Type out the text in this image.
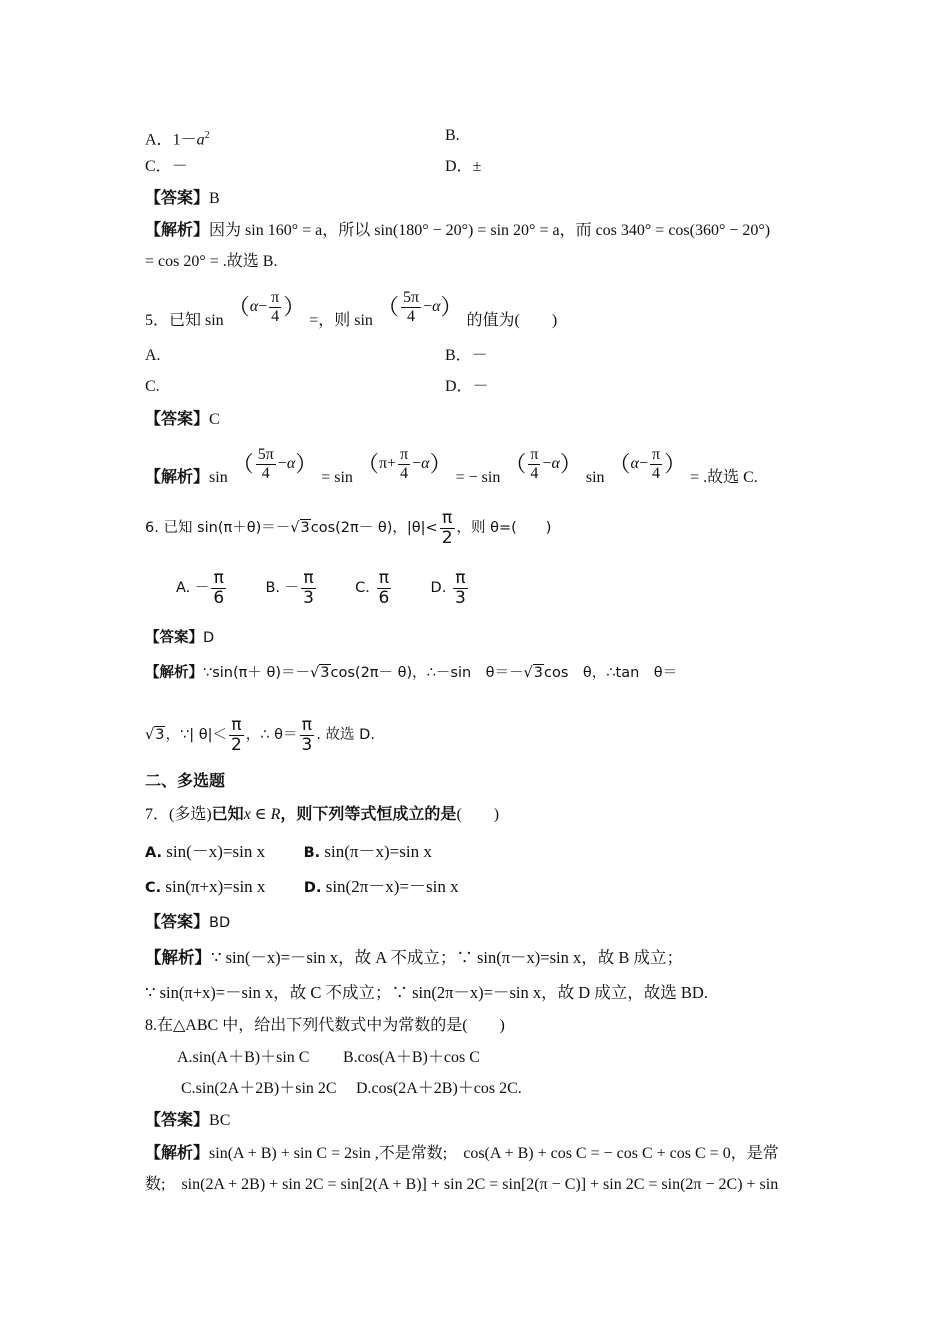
A．$1-a^2$	B.
C．－	D．±
【答案】B
【解析】因为 sin 160° = a，所以 sin(180° − 20°) = sin 20° = a，而 cos 340° = cos(360° − 20°)
= cos 20° = .故选 B.
5．已知 $\sin (\alpha- \frac{\pi}{4}$ ） =，则 sin （ $\frac{5\pi}{4} -\alpha$） 的值为(　　)
A.	B．－
C.	D．－
【答案】C
【解析】sin （ $\frac{5\pi}{4} -\alpha) = \sin (\pi+ \frac{\pi}{4} -\alpha)$ = − sin （ $\frac{\pi}{4} -\alpha$） $\sin (\alpha- \frac{\pi}{4}$ ） = .故选 C.
6. 已知 sin(π＋θ)＝－√3cos(2π－ θ)，$|\theta|< \frac{\pi}{2}$ ，则 θ=(　　)
A. － $\frac{\pi}{6}$	B. － $\frac{\pi}{3}$	C. $\frac{\pi}{6}$	D. $\frac{\pi}{3}$
【答案】D
【解析】∵sin(π＋ θ)＝－√3cos(2π－ θ)，∴－sin　θ＝－√3cos　θ，∴tan　θ＝
√3，∵| $\theta|< \frac{\pi}{2}$ ，∴ $\theta= \frac{\pi}{3}$ . 故选 D.
二、多选题
7．(多选)已知x ∈ R，则下列等式恒成立的是(　　)
A. sin(－x)=sin x	B. sin(π－x)=sin x
C. sin(π+x)=sin x	D. sin(2π－x)=－sin x
【答案】BD
【解析】∵ sin(－x)=－sin x，故 A 不成立；∵ sin(π－x)=sin x，故 B 成立；
∵ sin(π+x)=－sin x，故 C 不成立；∵ sin(2π－x)=－sin x，故 D 成立，故选 BD.
8.在△ABC 中，给出下列代数式中为常数的是(　　)
A.sin(A＋B)＋sin C B.cos(A＋B)＋cos C
C.sin(2A＋2B)＋sin 2C D.cos(2A＋2B)＋cos 2C.
【答案】BC
【解析】sin(A + B) + sin C = 2sin ,不是常数;　cos(A + B) + cos C = − cos C + cos C = 0，是常
数;　sin(2A + 2B) + sin 2C = sin[2(A + B)] + sin 2C = sin[2(π − C)] + sin 2C = sin(2π − 2C) + sin
